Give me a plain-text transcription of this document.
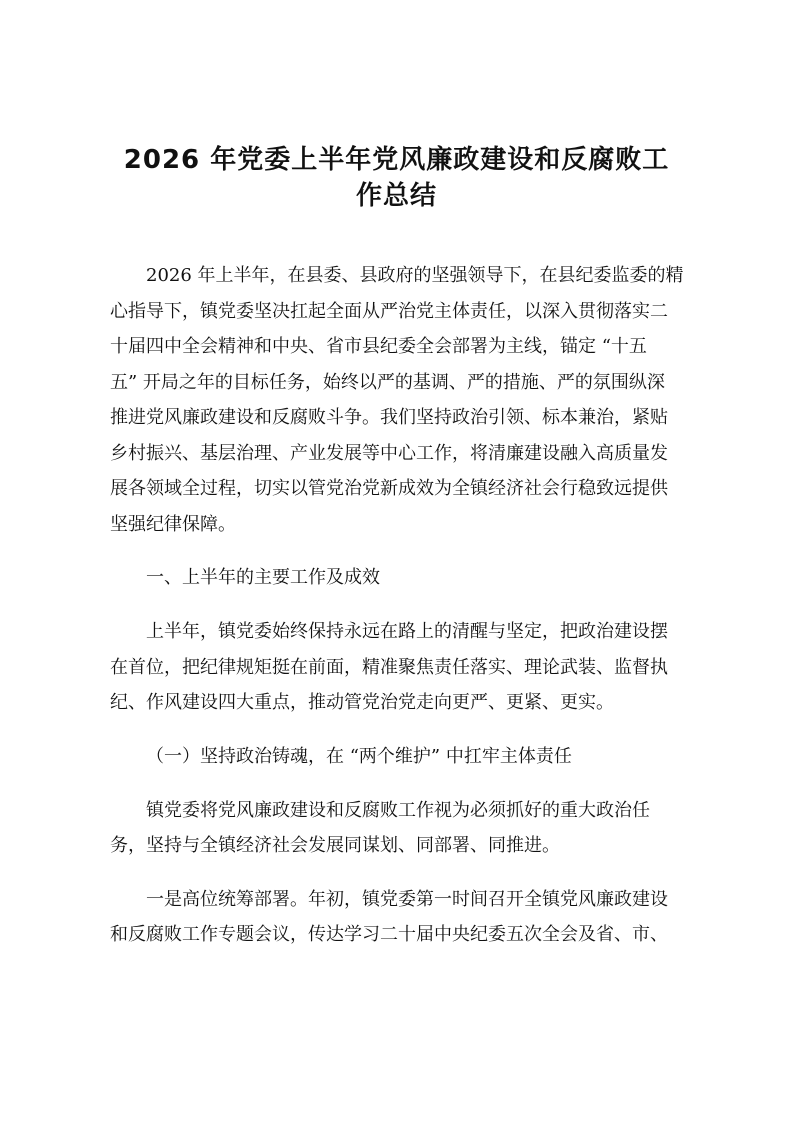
2026 年党委上半年党风廉政建设和反腐败工
作总结
2026 年上半年，在县委、县政府的坚强领导下，在县纪委监委的精
心指导下，镇党委坚决扛起全面从严治党主体责任，以深入贯彻落实二
十届四中全会精神和中央、省市县纪委全会部署为主线，锚定 “十五
五” 开局之年的目标任务，始终以严的基调、严的措施、严的氛围纵深
推进党风廉政建设和反腐败斗争。我们坚持政治引领、标本兼治，紧贴
乡村振兴、基层治理、产业发展等中心工作，将清廉建设融入高质量发
展各领域全过程，切实以管党治党新成效为全镇经济社会行稳致远提供
坚强纪律保障。
一、上半年的主要工作及成效
上半年，镇党委始终保持永远在路上的清醒与坚定，把政治建设摆
在首位，把纪律规矩挺在前面，精准聚焦责任落实、理论武装、监督执
纪、作风建设四大重点，推动管党治党走向更严、更紧、更实。
（一）坚持政治铸魂，在 “两个维护” 中扛牢主体责任
镇党委将党风廉政建设和反腐败工作视为必须抓好的重大政治任
务，坚持与全镇经济社会发展同谋划、同部署、同推进。
一是高位统筹部署。年初，镇党委第一时间召开全镇党风廉政建设
和反腐败工作专题会议，传达学习二十届中央纪委五次全会及省、市、
